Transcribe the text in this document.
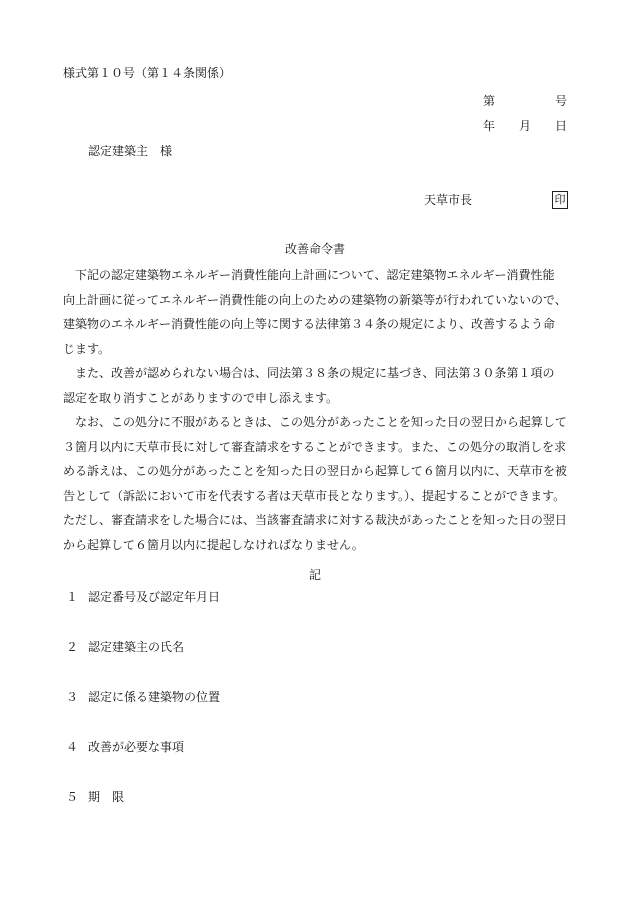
様式第１０号（第１４条関係）
第	号
年 月 日
認定建築主　様
天草市長	印
改善命令書

　下記の認定建築物エネルギー消費性能向上計画について、認定建築物エネルギー消費性能

向上計画に従ってエネルギー消費性能の向上のための建築物の新築等が行われていないので、

建築物のエネルギー消費性能の向上等に関する法律第３４条の規定により、改善するよう命

じます。

　また、改善が認められない場合は、同法第３８条の規定に基づき、同法第３０条第１項の

認定を取り消すことがありますので申し添えます。

　なお、この処分に不服があるときは、この処分があったことを知った日の翌日から起算して

３箇月以内に天草市長に対して審査請求をすることができます。また、この処分の取消しを求

める訴えは、この処分があったことを知った日の翌日から起算して６箇月以内に、天草市を被

告として（訴訟において市を代表する者は天草市長となります。）、提起することができます。

ただし、審査請求をした場合には、当該審査請求に対する裁決があったことを知った日の翌日

から起算して６箇月以内に提起しなければなりません。

記
１ 認定番号及び認定年月日
２ 認定建築主の氏名
３ 認定に係る建築物の位置
４ 改善が必要な事項
５ 期　限
